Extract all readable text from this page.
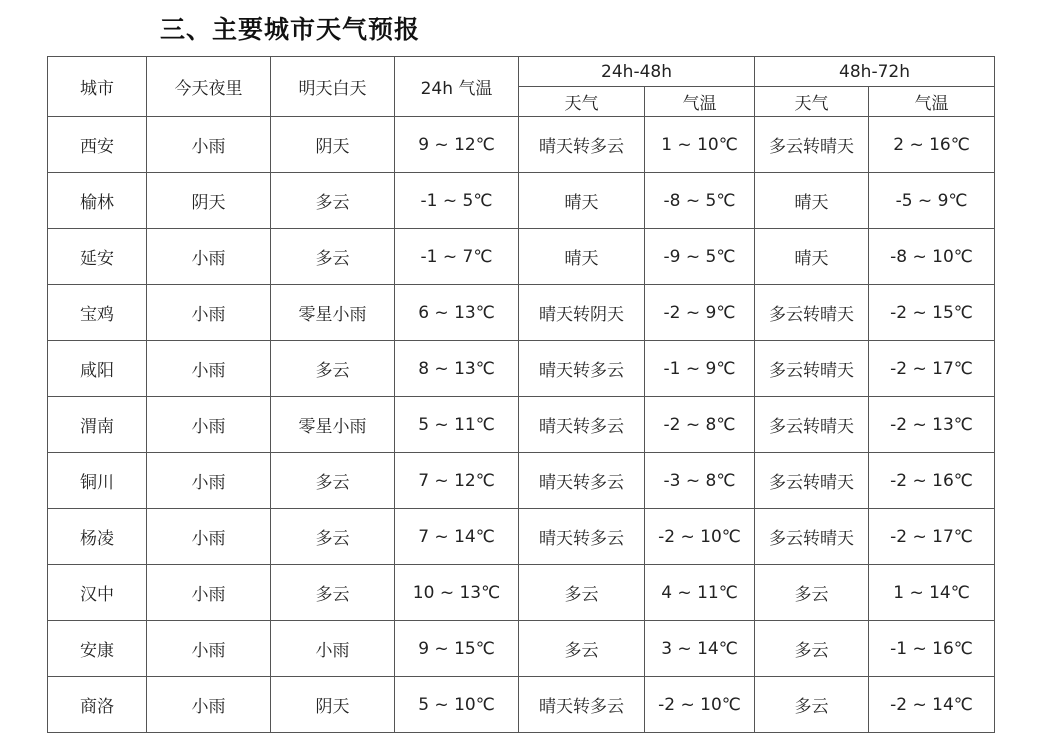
三、主要城市天气预报
城市	今天夜里	明天白天	24h 气温	24h-48h		48h-72h	
				天气	气温	天气	气温
西安	小雨	阴天	9 ~ 12℃	晴天转多云	1 ~ 10℃	多云转晴天	2 ~ 16℃
榆林	阴天	多云	-1 ~ 5℃	晴天	-8 ~ 5℃	晴天	-5 ~ 9℃
延安	小雨	多云	-1 ~ 7℃	晴天	-9 ~ 5℃	晴天	-8 ~ 10℃
宝鸡	小雨	零星小雨	6 ~ 13℃	晴天转阴天	-2 ~ 9℃	多云转晴天	-2 ~ 15℃
咸阳	小雨	多云	8 ~ 13℃	晴天转多云	-1 ~ 9℃	多云转晴天	-2 ~ 17℃
渭南	小雨	零星小雨	5 ~ 11℃	晴天转多云	-2 ~ 8℃	多云转晴天	-2 ~ 13℃
铜川	小雨	多云	7 ~ 12℃	晴天转多云	-3 ~ 8℃	多云转晴天	-2 ~ 16℃
杨凌	小雨	多云	7 ~ 14℃	晴天转多云	-2 ~ 10℃	多云转晴天	-2 ~ 17℃
汉中	小雨	多云	10 ~ 13℃	多云	4 ~ 11℃	多云	1 ~ 14℃
安康	小雨	小雨	9 ~ 15℃	多云	3 ~ 14℃	多云	-1 ~ 16℃
商洛	小雨	阴天	5 ~ 10℃	晴天转多云	-2 ~ 10℃	多云	-2 ~ 14℃
